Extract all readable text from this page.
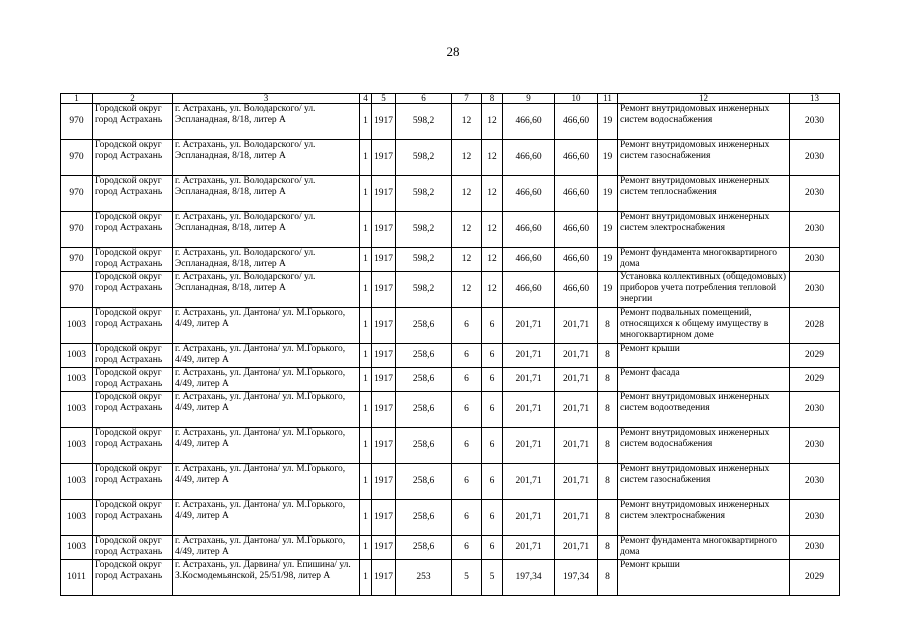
28
1	2	3	4	5	6	7	8	9	10	11	12	13
970	Городской округ город Астрахань	г. Астрахань, ул. Володарского/ ул. Эспланадная, 8/18, литер А	1	1917	598,2	12	12	466,60	466,60	19	Ремонт внутридомовых инженерных систем водоснабжения	2030
970	Городской округ город Астрахань	г. Астрахань, ул. Володарского/ ул. Эспланадная, 8/18, литер А	1	1917	598,2	12	12	466,60	466,60	19	Ремонт внутридомовых инженерных систем газоснабжения	2030
970	Городской округ город Астрахань	г. Астрахань, ул. Володарского/ ул. Эспланадная, 8/18, литер А	1	1917	598,2	12	12	466,60	466,60	19	Ремонт внутридомовых инженерных систем теплоснабжения	2030
970	Городской округ город Астрахань	г. Астрахань, ул. Володарского/ ул. Эспланадная, 8/18, литер А	1	1917	598,2	12	12	466,60	466,60	19	Ремонт внутридомовых инженерных систем электроснабжения	2030
970	Городской округ город Астрахань	г. Астрахань, ул. Володарского/ ул. Эспланадная, 8/18, литер А	1	1917	598,2	12	12	466,60	466,60	19	Ремонт фундамента многоквартирного дома	2030
970	Городской округ город Астрахань	г. Астрахань, ул. Володарского/ ул. Эспланадная, 8/18, литер А	1	1917	598,2	12	12	466,60	466,60	19	Установка коллективных (общедомовых) приборов учета потребления тепловой энергии	2030
1003	Городской округ город Астрахань	г. Астрахань, ул. Дантона/ ул. М.Горького, 4/49, литер А	1	1917	258,6	6	6	201,71	201,71	8	Ремонт подвальных помещений, относящихся к общему имуществу в многоквартирном доме	2028
1003	Городской округ город Астрахань	г. Астрахань, ул. Дантона/ ул. М.Горького, 4/49, литер А	1	1917	258,6	6	6	201,71	201,71	8	Ремонт крыши	2029
1003	Городской округ город Астрахань	г. Астрахань, ул. Дантона/ ул. М.Горького, 4/49, литер А	1	1917	258,6	6	6	201,71	201,71	8	Ремонт фасада	2029
1003	Городской округ город Астрахань	г. Астрахань, ул. Дантона/ ул. М.Горького, 4/49, литер А	1	1917	258,6	6	6	201,71	201,71	8	Ремонт внутридомовых инженерных систем водоотведения	2030
1003	Городской округ город Астрахань	г. Астрахань, ул. Дантона/ ул. М.Горького, 4/49, литер А	1	1917	258,6	6	6	201,71	201,71	8	Ремонт внутридомовых инженерных систем водоснабжения	2030
1003	Городской округ город Астрахань	г. Астрахань, ул. Дантона/ ул. М.Горького, 4/49, литер А	1	1917	258,6	6	6	201,71	201,71	8	Ремонт внутридомовых инженерных систем газоснабжения	2030
1003	Городской округ город Астрахань	г. Астрахань, ул. Дантона/ ул. М.Горького, 4/49, литер А	1	1917	258,6	6	6	201,71	201,71	8	Ремонт внутридомовых инженерных систем электроснабжения	2030
1003	Городской округ город Астрахань	г. Астрахань, ул. Дантона/ ул. М.Горького, 4/49, литер А	1	1917	258,6	6	6	201,71	201,71	8	Ремонт фундамента многоквартирного дома	2030
1011	Городской округ город Астрахань	г. Астрахань, ул. Дарвина/ ул. Епишина/ ул. З.Космодемьянской, 25/51/98, литер А	1	1917	253	5	5	197,34	197,34	8	Ремонт крыши	2029
